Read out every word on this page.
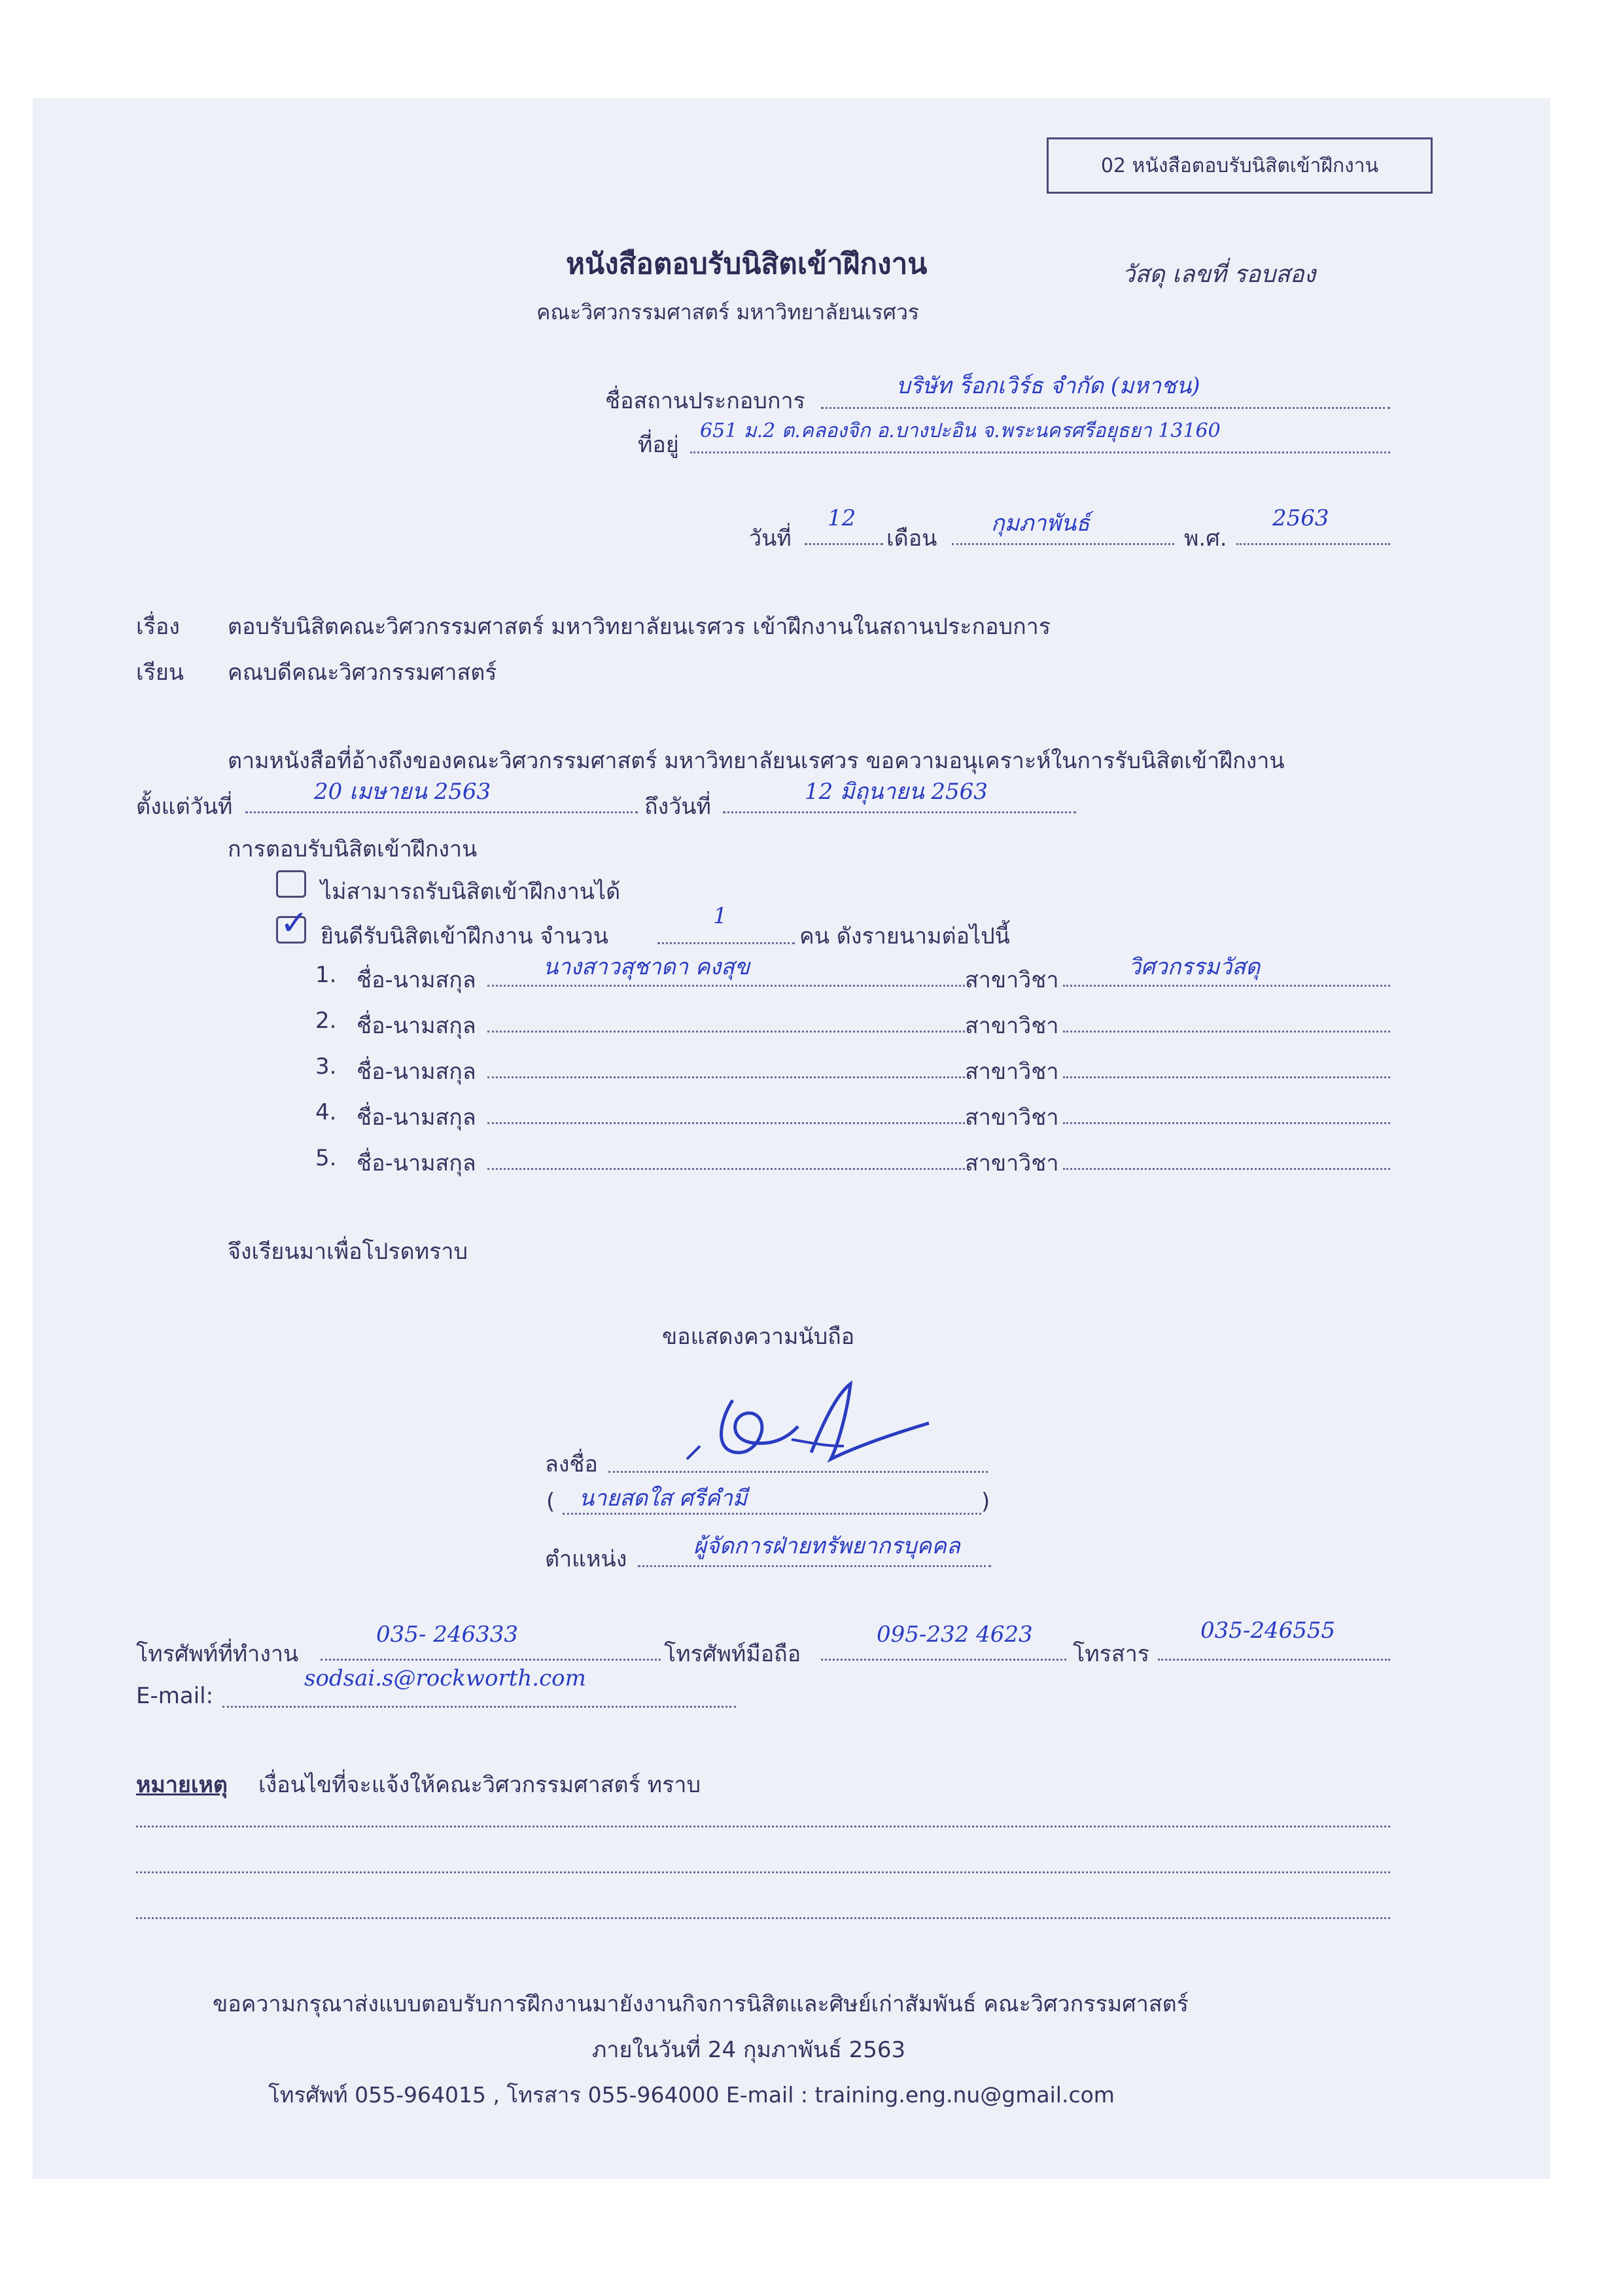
02 หนังสือตอบรับนิสิตเข้าฝึกงาน
หนังสือตอบรับนิสิตเข้าฝึกงาน
คณะวิศวกรรมศาสตร์ มหาวิทยาลัยนเรศวร
วัสดุ เลขที่ รอบสอง
ชื่อสถานประกอบการ
บริษัท ร็อกเวิร์ธ จำกัด (มหาชน)
ที่อยู่
651 ม.2 ต.คลองจิก อ.บางปะอิน จ.พระนครศรีอยุธยา 13160
วันที่
12
เดือน
กุมภาพันธ์
พ.ศ.
2563
เรื่อง ตอบรับนิสิตคณะวิศวกรรมศาสตร์ มหาวิทยาลัยนเรศวร เข้าฝึกงานในสถานประกอบการ
เรียน คณบดีคณะวิศวกรรมศาสตร์
ตามหนังสือที่อ้างถึงของคณะวิศวกรรมศาสตร์ มหาวิทยาลัยนเรศวร ขอความอนุเคราะห์ในการรับนิสิตเข้าฝึกงาน
ตั้งแต่วันที่
20 เมษายน 2563
ถึงวันที่
12 มิถุนายน 2563
การตอบรับนิสิตเข้าฝึกงาน
ไม่สามารถรับนิสิตเข้าฝึกงานได้
✓ ยินดีรับนิสิตเข้าฝึกงาน จำนวน
1
คน ดังรายนามต่อไปนี้
1. ชื่อ-นามสกุล	นางสาวสุชาดา คงสุข	สาขาวิชา	วิศวกรรมวัสดุ
2. ชื่อ-นามสกุล	สาขาวิชา
3. ชื่อ-นามสกุล	สาขาวิชา
4. ชื่อ-นามสกุล	สาขาวิชา
5. ชื่อ-นามสกุล	สาขาวิชา
จึงเรียนมาเพื่อโปรดทราบ
ขอแสดงความนับถือ
ลงชื่อ
( นายสดใส ศรีคำมี	)
ตำแหน่ง	ผู้จัดการฝ่ายทรัพยากรบุคคล
โทรศัพท์ที่ทำงาน
035- 246333
โทรศัพท์มือถือ
095-232 4623
โทรสาร
035-246555
E-mail:
sodsai.s@rockworth.com
หมายเหตุ เงื่อนไขที่จะแจ้งให้คณะวิศวกรรมศาสตร์ ทราบ
ขอความกรุณาส่งแบบตอบรับการฝึกงานมายังงานกิจการนิสิตและศิษย์เก่าสัมพันธ์ คณะวิศวกรรมศาสตร์
ภายในวันที่ 24 กุมภาพันธ์ 2563
โทรศัพท์ 055-964015 , โทรสาร 055-964000 E-mail : training.eng.nu@gmail.com
